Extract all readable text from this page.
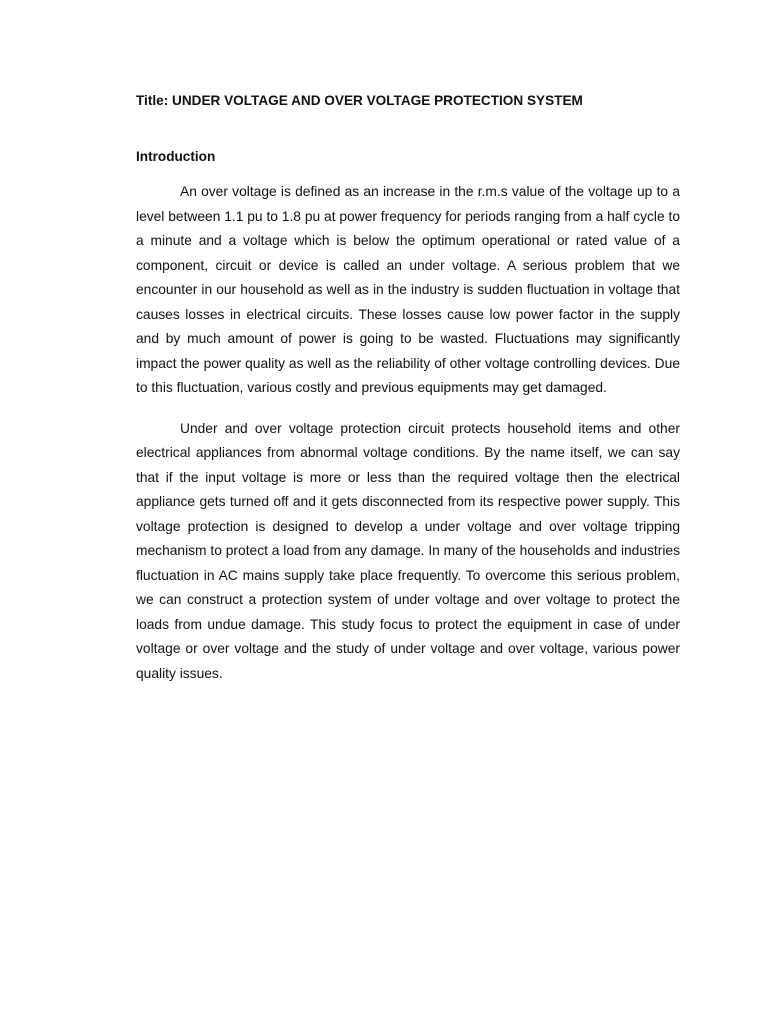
Title: UNDER VOLTAGE AND OVER VOLTAGE PROTECTION SYSTEM
Introduction

An over voltage is defined as an increase in the r.m.s value of the voltage up to a level between 1.1 pu to 1.8 pu at power frequency for periods ranging from a half cycle to a minute and a voltage which is below the optimum operational or rated value of a component, circuit or device is called an under voltage. A serious problem that we encounter in our household as well as in the industry is sudden fluctuation in voltage that causes losses in electrical circuits. These losses cause low power factor in the supply and by much amount of power is going to be wasted. Fluctuations may significantly impact the power quality as well as the reliability of other voltage controlling devices. Due to this fluctuation, various costly and previous equipments may get damaged.

Under and over voltage protection circuit protects household items and other electrical appliances from abnormal voltage conditions. By the name itself, we can say that if the input voltage is more or less than the required voltage then the electrical appliance gets turned off and it gets disconnected from its respective power supply. This voltage protection is designed to develop a under voltage and over voltage tripping mechanism to protect a load from any damage. In many of the households and industries fluctuation in AC mains supply take place frequently. To overcome this serious problem, we can construct a protection system of under voltage and over voltage to protect the loads from undue damage. This study focus to protect the equipment in case of under voltage or over voltage and the study of under voltage and over voltage, various power quality issues.
